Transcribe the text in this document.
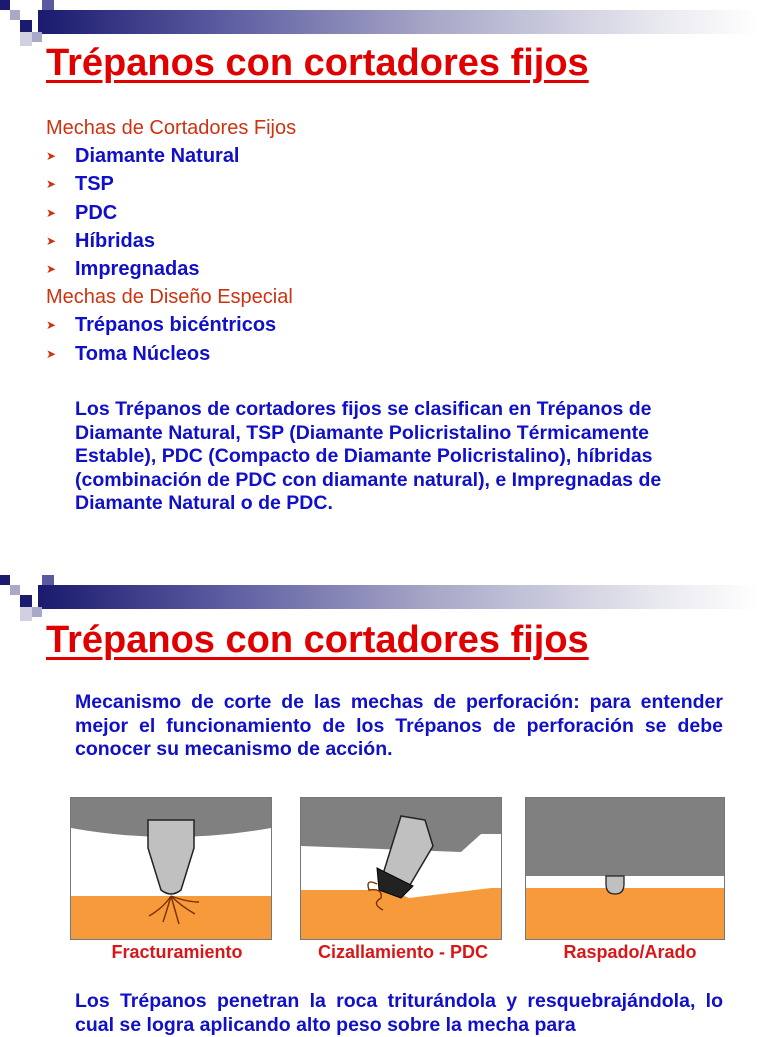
Trépanos con cortadores fijos
Mechas de Cortadores Fijos
➤ Diamante Natural
➤ TSP
➤ PDC
➤ Híbridas
➤ Impregnadas
Mechas de Diseño Especial
➤ Trépanos bicéntricos
➤ Toma Núcleos

Los Trépanos de cortadores fijos se clasifican en Trépanos de Diamante Natural, TSP (Diamante Policristalino Térmicamente Estable), PDC (Compacto de Diamante Policristalino), híbridas (combinación de PDC con diamante natural), e Impregnadas de Diamante Natural o de PDC.

Trépanos con cortadores fijos

Mecanismo de corte de las mechas de perforación: para entender mejor el funcionamiento de los Trépanos de perforación se debe conocer su mecanismo de acción.

Fracturamiento	Cizallamiento - PDC	Raspado/Arado

Los Trépanos penetran la roca triturándola y resquebrajándola, lo cual se logra aplicando alto peso sobre la mecha para
